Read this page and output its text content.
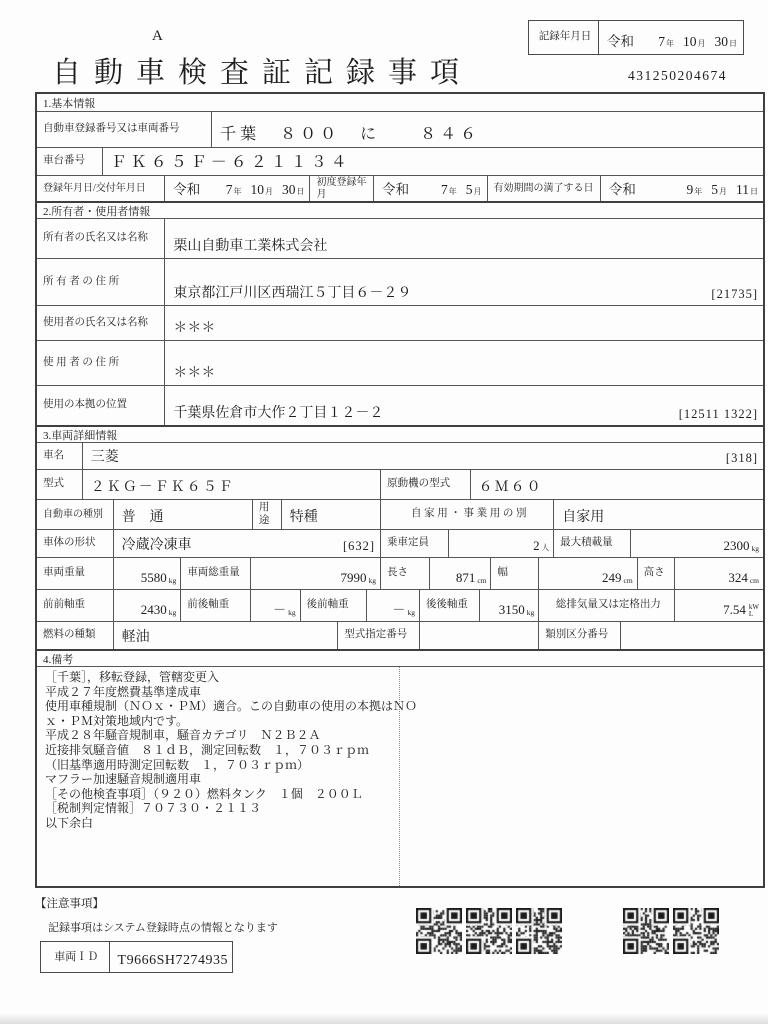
A
自動車検査証記録事項
記録年月日	令和 7 年 10 月 30 日
431250204674
1.基本情報
自動車登録番号又は車両番号	千葉　８００　に　　８４６
車台番号	ＦＫ６５Ｆ－６２１１３４
登録年月日/交付年月日	令和 7 年 10 月 30 日
初度登録年月	令和 7 年 5 月	有効期間の満了する日	令和	9 年 5 月 11 日
2.所有者・使用者情報
所有者の氏名又は名称
栗山自動車工業株式会社
所 有 者 の 住 所
東京都江戸川区西瑞江５丁目６－２９	[21735]
使用者の氏名又は名称	＊＊＊
使 用 者 の 住 所
＊＊＊
使用の本拠の位置
千葉県佐倉市大作２丁目１２－２	[12511 1322]
3.車両詳細情報
車名	三菱	[318]
型式	２ＫＧ－ＦＫ６５Ｆ	原動機の型式	６Ｍ６０
自動車の種別	普　通
用途	特種	自 家 用 ・ 事 業 用 の 別	自家用
車体の形状	冷蔵冷凍車	[632]	乗車定員	2 人	最大積載量	2300 kg
車両重量	5580 kg
車両総重量	7990 kg
長さ	871 cm
幅	249 cm
高さ	324 cm
前前軸重	2430 kg
前後軸重	－ kg
後前軸重	－ kg
後後軸重	3150 kg
総排気量又は定格出力	7.54 kW
L
燃料の種類	軽油	型式指定番号	類別区分番号
4.備考
［千葉］，移転登録，管轄変更入
平成２７年度燃費基準達成車
使用車種規制（ＮＯｘ・ＰＭ）適合。この自動車の使用の本拠はＮＯ
ｘ・ＰＭ対策地域内です。
平成２８年騒音規制車，騒音カテゴリ　Ｎ２Ｂ２Ａ
近接排気騒音値　８１ｄＢ，測定回転数　１，７０３ｒｐｍ
（旧基準適用時測定回転数　１，７０３ｒｐｍ）
マフラー加速騒音規制適用車
［その他検査事項］（９２０）燃料タンク　１個　２００Ｌ
［税制判定情報］７０７３０・２１１３
以下余白
【注意事項】
記録事項はシステム登録時点の情報となります
車両ＩＤ	T9666SH7274935
